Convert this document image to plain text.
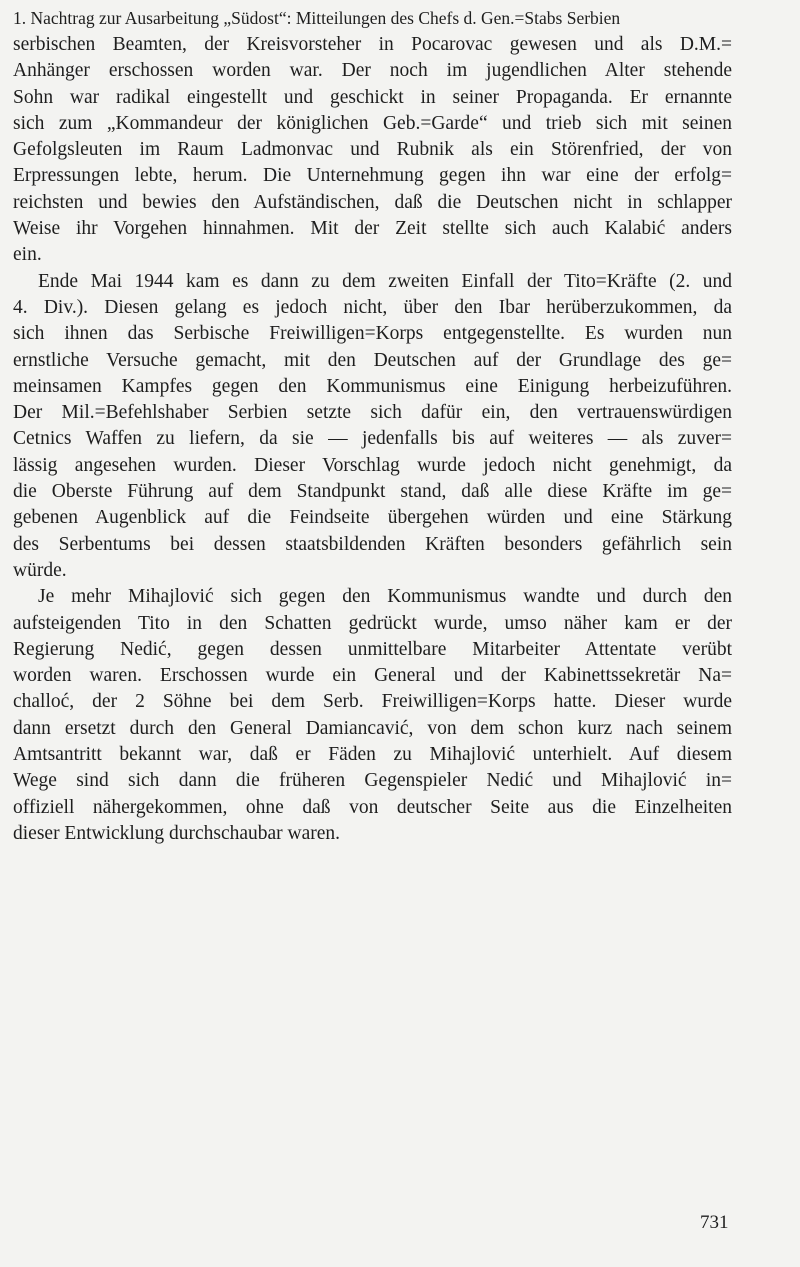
1. Nachtrag zur Ausarbeitung „Südost“: Mitteilungen des Chefs d. Gen.=Stabs Serbien
serbischen Beamten, der Kreisvorsteher in Pocarovac gewesen und als D.M.=
Anhänger erschossen worden war. Der noch im jugendlichen Alter stehende
Sohn war radikal eingestellt und geschickt in seiner Propaganda. Er ernannte
sich zum „Kommandeur der königlichen Geb.=Garde“ und trieb sich mit seinen
Gefolgsleuten im Raum Ladmonvac und Rubnik als ein Störenfried, der von
Erpressungen lebte, herum. Die Unternehmung gegen ihn war eine der erfolg=
reichsten und bewies den Aufständischen, daß die Deutschen nicht in schlapper
Weise ihr Vorgehen hinnahmen. Mit der Zeit stellte sich auch Kalabić anders
ein.
Ende Mai 1944 kam es dann zu dem zweiten Einfall der Tito=Kräfte (2. und
4. Div.). Diesen gelang es jedoch nicht, über den Ibar herüberzukommen, da
sich ihnen das Serbische Freiwilligen=Korps entgegenstellte. Es wurden nun
ernstliche Versuche gemacht, mit den Deutschen auf der Grundlage des ge=
meinsamen Kampfes gegen den Kommunismus eine Einigung herbeizuführen.
Der Mil.=Befehlshaber Serbien setzte sich dafür ein, den vertrauenswürdigen
Cetnics Waffen zu liefern, da sie — jedenfalls bis auf weiteres — als zuver=
lässig angesehen wurden. Dieser Vorschlag wurde jedoch nicht genehmigt, da
die Oberste Führung auf dem Standpunkt stand, daß alle diese Kräfte im ge=
gebenen Augenblick auf die Feindseite übergehen würden und eine Stärkung
des Serbentums bei dessen staatsbildenden Kräften besonders gefährlich sein
würde.
Je mehr Mihajlović sich gegen den Kommunismus wandte und durch den
aufsteigenden Tito in den Schatten gedrückt wurde, umso näher kam er der
Regierung Nedić, gegen dessen unmittelbare Mitarbeiter Attentate verübt
worden waren. Erschossen wurde ein General und der Kabinettssekretär Na=
challoć, der 2 Söhne bei dem Serb. Freiwilligen=Korps hatte. Dieser wurde
dann ersetzt durch den General Damiancavić, von dem schon kurz nach seinem
Amtsantritt bekannt war, daß er Fäden zu Mihajlović unterhielt. Auf diesem
Wege sind sich dann die früheren Gegenspieler Nedić und Mihajlović in=
offiziell nähergekommen, ohne daß von deutscher Seite aus die Einzelheiten
dieser Entwicklung durchschaubar waren.
731
